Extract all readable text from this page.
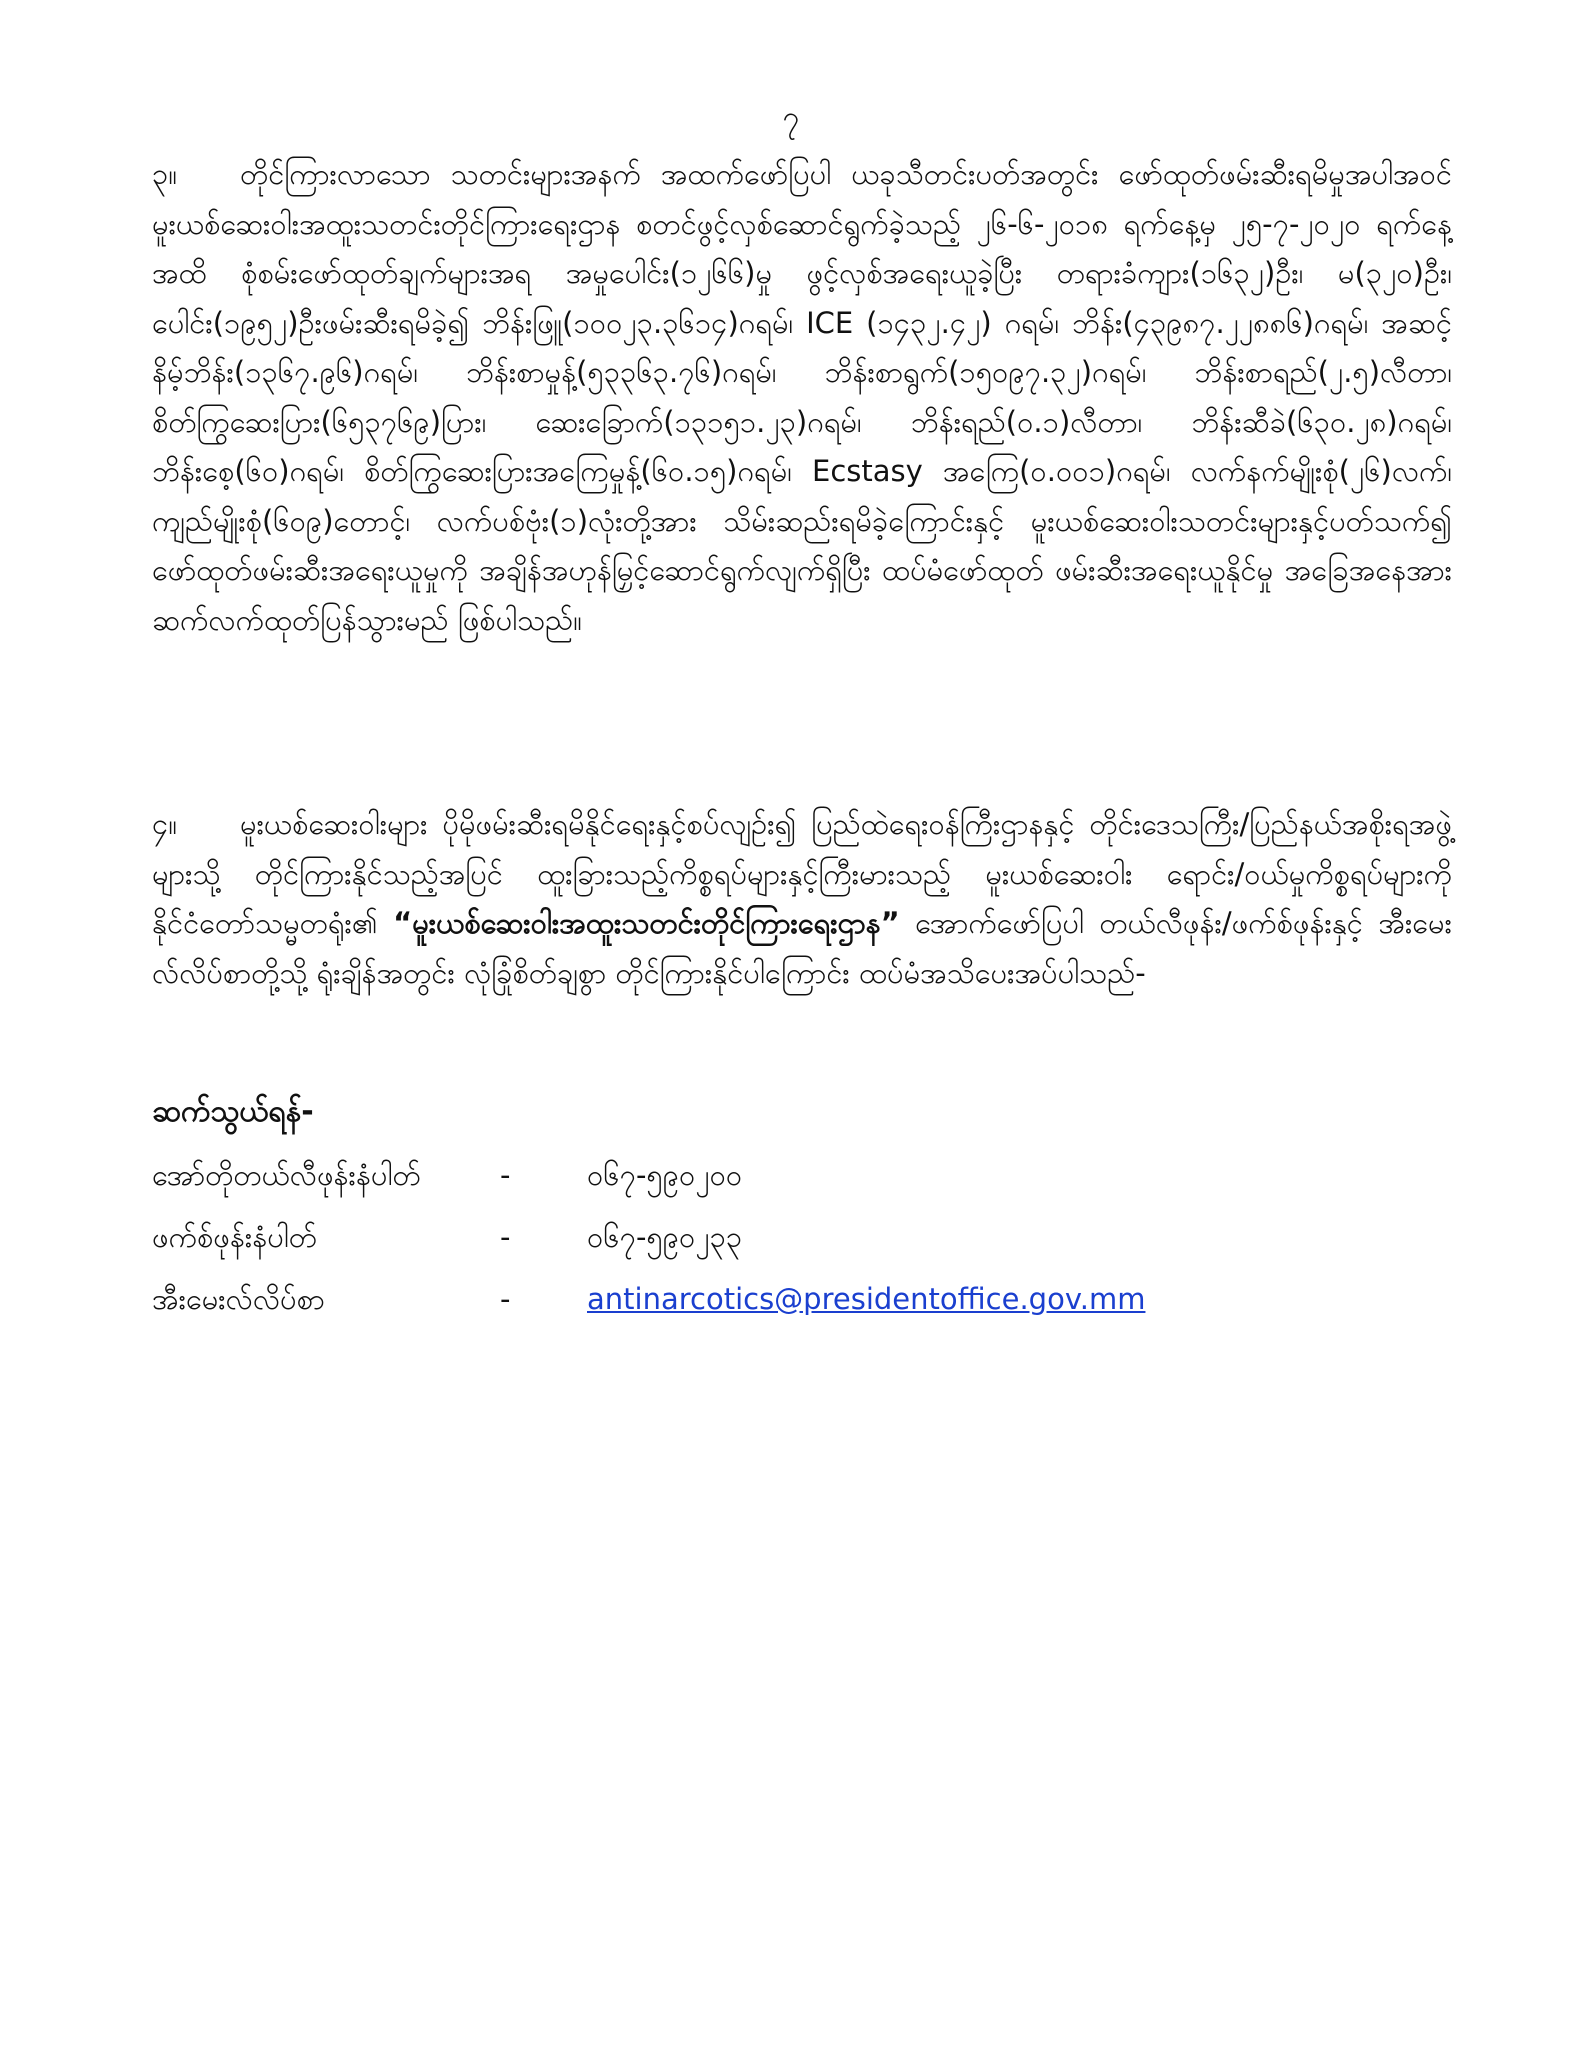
၇

၃။ တိုင်ကြားလာသော သတင်းများအနက် အထက်ဖော်ပြပါ ယခုသီတင်းပတ်အတွင်း ဖော်ထုတ်ဖမ်းဆီးရမိမှုအပါအဝင် မူးယစ်ဆေးဝါးအထူးသတင်းတိုင်ကြားရေးဌာန စတင်ဖွင့်လှစ်ဆောင်ရွက်ခဲ့သည့် ၂၆-၆-၂၀၁၈ ရက်နေ့မှ ၂၅-၇-၂၀၂၀ ရက်နေ့အထိ စုံစမ်းဖော်ထုတ်ချက်များအရ အမှုပေါင်း(၁၂၆၆)မှု ဖွင့်လှစ်အရေးယူခဲ့ပြီး တရားခံကျား(၁၆၃၂)ဦး၊ မ(၃၂၀)ဦး၊ ပေါင်း(၁၉၅၂)ဦးဖမ်းဆီးရမိခဲ့၍ ဘိန်းဖြူ(၁၀၀၂၃.၃၆၁၄)ဂရမ်၊ ICE (၁၄၃၂.၄၂) ဂရမ်၊ ဘိန်း(၄၃၉၈၇.၂၂၈၈၆)ဂရမ်၊ အဆင့်နိမ့်ဘိန်း(၁၃၆၇.၉၆)ဂရမ်၊ ဘိန်းစာမှုန့်(၅၃၃၆၃.၇၆)ဂရမ်၊ ဘိန်းစာရွက်(၁၅၀၉၇.၃၂)ဂရမ်၊ ဘိန်းစာရည်(၂.၅)လီတာ၊ စိတ်ကြွဆေးပြား(၆၅၃၇၆၉)ပြား၊ ဆေးခြောက်(၁၃၁၅၁.၂၃)ဂရမ်၊ ဘိန်းရည်(၀.၁)လီတာ၊ ဘိန်းဆီခဲ(၆၃၀.၂၈)ဂရမ်၊ ဘိန်းစေ့(၆၀)ဂရမ်၊ စိတ်ကြွဆေးပြားအကြေမှုန့်(၆၀.၁၅)ဂရမ်၊ Ecstasy အကြေ(၀.၀၀၁)ဂရမ်၊ လက်နက်မျိုးစုံ(၂၆)လက်၊ ကျည်မျိုးစုံ(၆၀၉)တောင့်၊ လက်ပစ်ဗုံး(၁)လုံးတို့အား သိမ်းဆည်းရမိခဲ့ကြောင်းနှင့် မူးယစ်ဆေးဝါးသတင်းများနှင့်ပတ်သက်၍ ဖော်ထုတ်ဖမ်းဆီးအရေးယူမှုကို အချိန်အဟုန်မြှင့်ဆောင်ရွက်လျက်ရှိပြီး ထပ်မံဖော်ထုတ် ဖမ်းဆီးအရေးယူနိုင်မှု အခြေအနေအား ဆက်လက်ထုတ်ပြန်သွားမည် ဖြစ်ပါသည်။

၄။ မူးယစ်ဆေးဝါးများ ပိုမိုဖမ်းဆီးရမိနိုင်ရေးနှင့်စပ်လျဉ်း၍ ပြည်ထဲရေးဝန်ကြီးဌာနနှင့် တိုင်းဒေသကြီး/ပြည်နယ်အစိုးရအဖွဲ့များသို့ တိုင်ကြားနိုင်သည့်အပြင် ထူးခြားသည့်ကိစ္စရပ်များနှင့်ကြီးမားသည့် မူးယစ်ဆေးဝါး ရောင်း/ဝယ်မှုကိစ္စရပ်များကို နိုင်ငံတော်သမ္မတရုံး၏ “မူးယစ်ဆေးဝါးအထူးသတင်းတိုင်ကြားရေးဌာန” အောက်ဖော်ပြပါ တယ်လီဖုန်း/ဖက်စ်ဖုန်းနှင့် အီးမေးလ်လိပ်စာတို့သို့ ရုံးချိန်အတွင်း လုံခြုံစိတ်ချစွာ တိုင်ကြားနိုင်ပါကြောင်း ထပ်မံအသိပေးအပ်ပါသည်-

ဆက်သွယ်ရန်-
အော်တိုတယ်လီဖုန်းနံပါတ်	-	၀၆၇-၅၉၀၂၀၀
ဖက်စ်ဖုန်းနံပါတ်	-	၀၆၇-၅၉၀၂၃၃
အီးမေးလ်လိပ်စာ	-	antinarcotics@presidentoffice.gov.mm
